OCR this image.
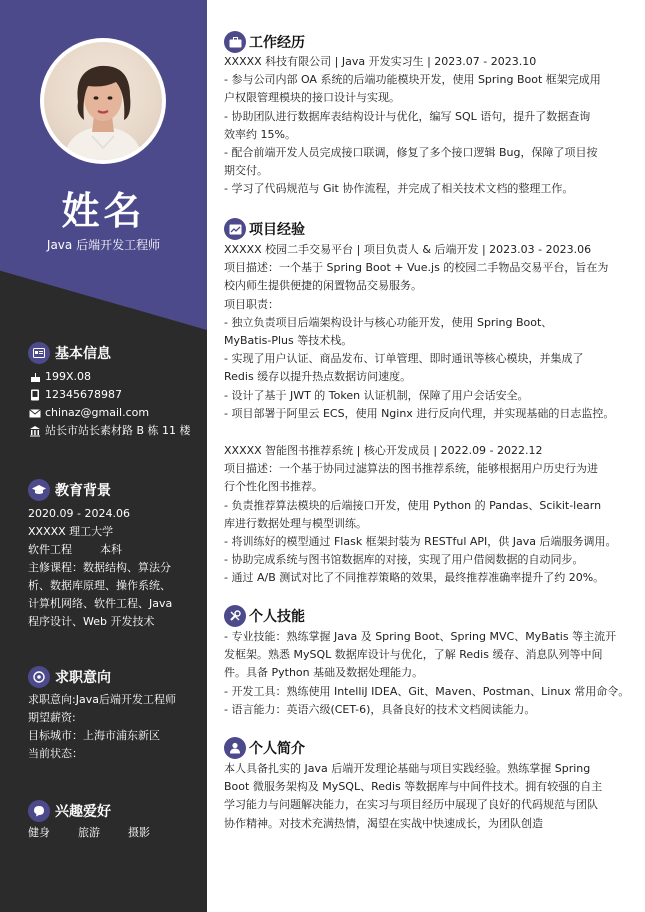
姓名
Java 后端开发工程师
基本信息
199X.08
12345678987
chinaz@gmail.com
站长市站长素材路 B 栋 11 楼
教育背景
2020.09 - 2024.06
XXXXX 理工大学
软件工程	本科
主修课程：数据结构、算法分
析、数据库原理、操作系统、
计算机网络、软件工程、Java
程序设计、Web 开发技术
求职意向
求职意向:Java后端开发工程师
期望薪资:
目标城市：上海市浦东新区
当前状态：
兴趣爱好
健身	旅游	摄影
工作经历
XXXXX 科技有限公司 | Java 开发实习生 | 2023.07 - 2023.10
- 参与公司内部 OA 系统的后端功能模块开发，使用 Spring Boot 框架完成用
户权限管理模块的接口设计与实现。
- 协助团队进行数据库表结构设计与优化，编写 SQL 语句，提升了数据查询
效率约 15%。
- 配合前端开发人员完成接口联调，修复了多个接口逻辑 Bug，保障了项目按
期交付。
- 学习了代码规范与 Git 协作流程，并完成了相关技术文档的整理工作。
项目经验
XXXXX 校园二手交易平台 | 项目负责人 & 后端开发 | 2023.03 - 2023.06
项目描述：一个基于 Spring Boot + Vue.js 的校园二手物品交易平台，旨在为
校内师生提供便捷的闲置物品交易服务。
项目职责：
- 独立负责项目后端架构设计与核心功能开发，使用 Spring Boot、
MyBatis-Plus 等技术栈。
- 实现了用户认证、商品发布、订单管理、即时通讯等核心模块，并集成了
Redis 缓存以提升热点数据访问速度。
- 设计了基于 JWT 的 Token 认证机制，保障了用户会话安全。
- 项目部署于阿里云 ECS，使用 Nginx 进行反向代理，并实现基础的日志监控。
XXXXX 智能图书推荐系统 | 核心开发成员 | 2022.09 - 2022.12
项目描述：一个基于协同过滤算法的图书推荐系统，能够根据用户历史行为进
行个性化图书推荐。
- 负责推荐算法模块的后端接口开发，使用 Python 的 Pandas、Scikit-learn
库进行数据处理与模型训练。
- 将训练好的模型通过 Flask 框架封装为 RESTful API，供 Java 后端服务调用。
- 协助完成系统与图书馆数据库的对接，实现了用户借阅数据的自动同步。
- 通过 A/B 测试对比了不同推荐策略的效果，最终推荐准确率提升了约 20%。
个人技能
- 专业技能：熟练掌握 Java 及 Spring Boot、Spring MVC、MyBatis 等主流开
发框架。熟悉 MySQL 数据库设计与优化，了解 Redis 缓存、消息队列等中间
件。具备 Python 基础及数据处理能力。
- 开发工具：熟练使用 IntelliJ IDEA、Git、Maven、Postman、Linux 常用命令。
- 语言能力：英语六级(CET-6)，具备良好的技术文档阅读能力。
个人简介
本人具备扎实的 Java 后端开发理论基础与项目实践经验。熟练掌握 Spring
Boot 微服务架构及 MySQL、Redis 等数据库与中间件技术。拥有较强的自主
学习能力与问题解决能力，在实习与项目经历中展现了良好的代码规范与团队
协作精神。对技术充满热情，渴望在实战中快速成长，为团队创造
